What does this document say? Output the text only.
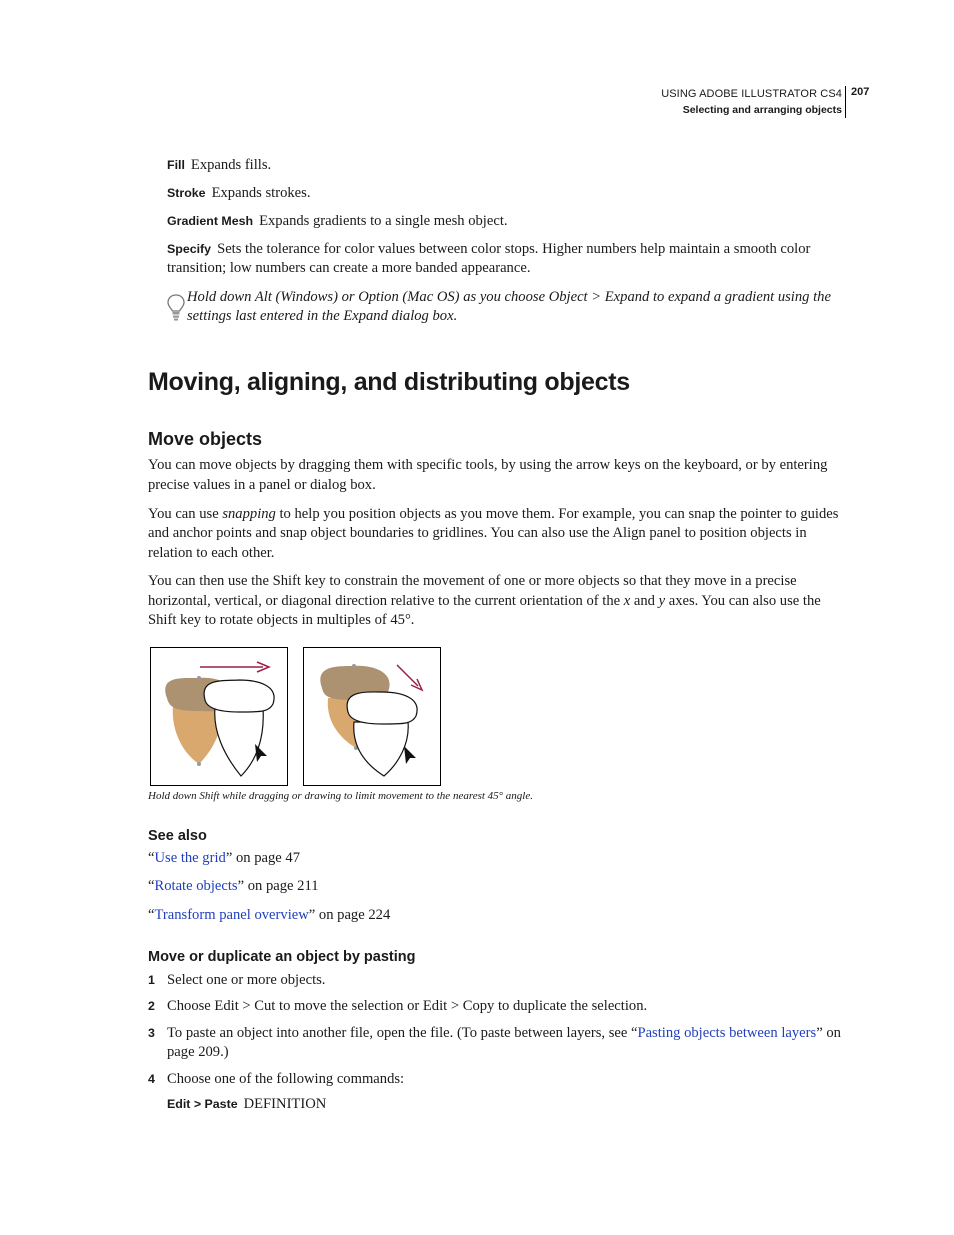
USING ADOBE ILLUSTRATOR CS4
Selecting and arranging objects
207
Fill Expands fills.
Stroke Expands strokes.
Gradient Mesh Expands gradients to a single mesh object.
Specify Sets the tolerance for color values between color stops. Higher numbers help maintain a smooth color
transition; low numbers can create a more banded appearance.
Hold down Alt (Windows) or Option (Mac OS) as you choose Object > Expand to expand a gradient using the
settings last entered in the Expand dialog box.
Moving, aligning, and distributing objects
Move objects
You can move objects by dragging them with specific tools, by using the arrow keys on the keyboard, or by entering
precise values in a panel or dialog box.
You can use snapping to help you position objects as you move them. For example, you can snap the pointer to guides
and anchor points and snap object boundaries to gridlines. You can also use the Align panel to position objects in
relation to each other.
You can then use the Shift key to constrain the movement of one or more objects so that they move in a precise
horizontal, vertical, or diagonal direction relative to the current orientation of the x and y axes. You can also use the
Shift key to rotate objects in multiples of 45°.
Hold down Shift while dragging or drawing to limit movement to the nearest 45° angle.
See also
“Use the grid” on page 47
“Rotate objects” on page 211
“Transform panel overview” on page 224
Move or duplicate an object by pasting
1 Select one or more objects.
2 Choose Edit > Cut to move the selection or Edit > Copy to duplicate the selection.
3 To paste an object into another file, open the file. (To paste between layers, see “Pasting objects between layers” on
page 209.)
4 Choose one of the following commands:
Edit > Paste DEFINITION
